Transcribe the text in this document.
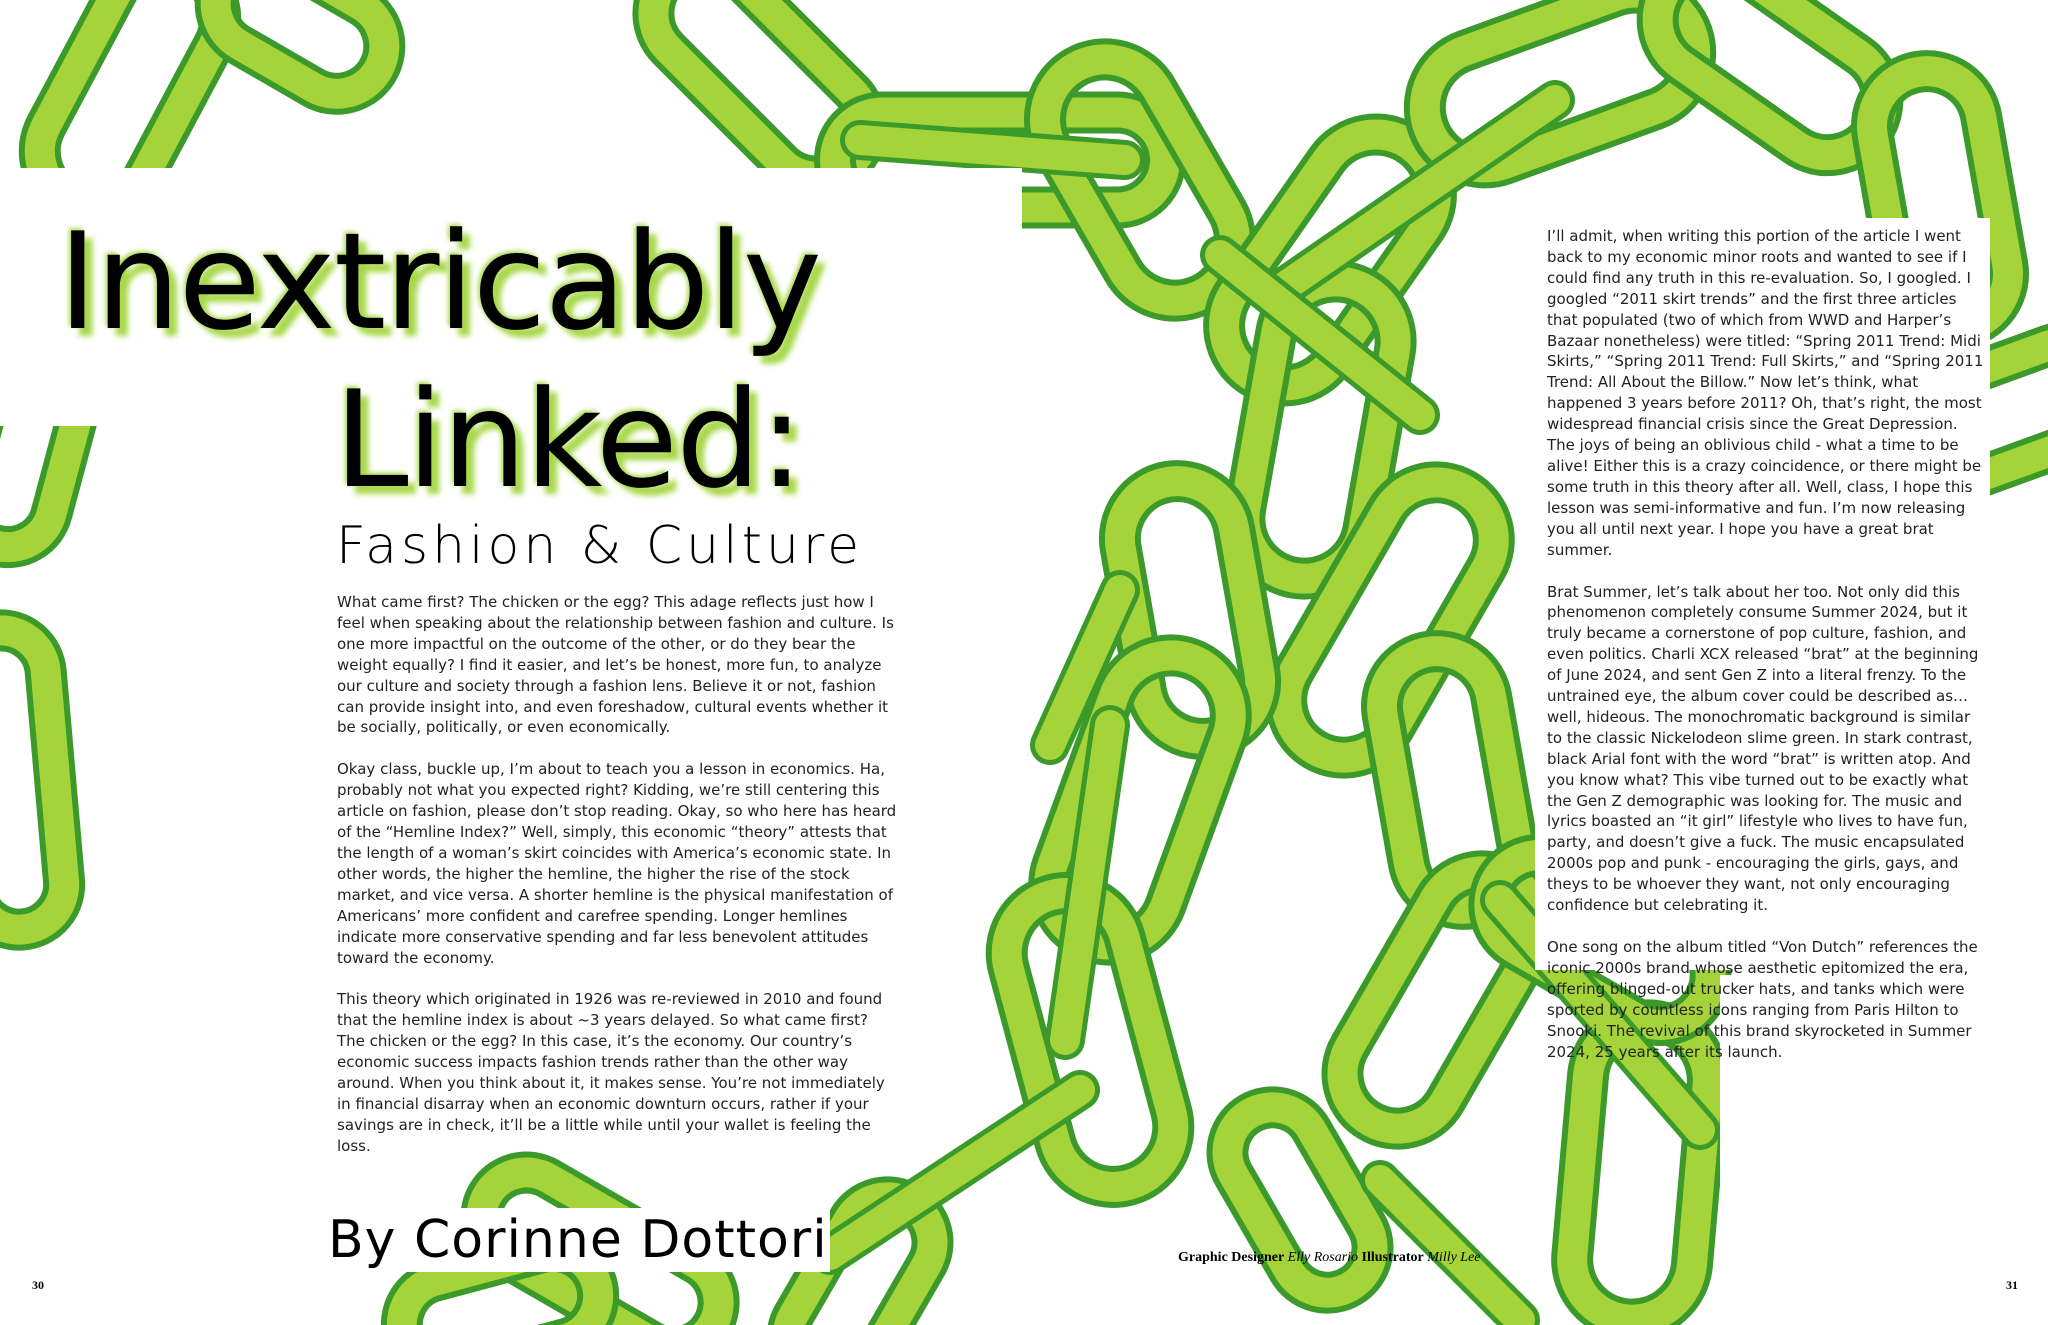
Inextricably
Linked:
Fashion & Culture

What came first? The chicken or the egg? This adage reflects just how I feel when speaking about the relationship between fashion and culture. Is one more impactful on the outcome of the other, or do they bear the weight equally? I find it easier, and let’s be honest, more fun, to analyze our culture and society through a fashion lens. Believe it or not, fashion can provide insight into, and even foreshadow, cultural events whether it be socially, politically, or even economically.

Okay class, buckle up, I’m about to teach you a lesson in economics. Ha, probably not what you expected right? Kidding, we’re still centering this article on fashion, please don’t stop reading. Okay, so who here has heard of the “Hemline Index?” Well, simply, this economic “theory” attests that the length of a woman’s skirt coincides with America’s economic state. In other words, the higher the hemline, the higher the rise of the stock market, and vice versa. A shorter hemline is the physical manifestation of Americans’ more confident and carefree spending. Longer hemlines indicate more conservative spending and far less benevolent attitudes toward the economy.

This theory which originated in 1926 was re-reviewed in 2010 and found that the hemline index is about ~3 years delayed. So what came first? The chicken or the egg? In this case, it’s the economy. Our country’s economic success impacts fashion trends rather than the other way around. When you think about it, it makes sense. You’re not immediately in financial disarray when an economic downturn occurs, rather if your savings are in check, it’ll be a little while until your wallet is feeling the loss.

I’ll admit, when writing this portion of the article I went back to my economic minor roots and wanted to see if I could find any truth in this re-evaluation. So, I googled. I googled “2011 skirt trends” and the first three articles that populated (two of which from WWD and Harper’s Bazaar nonetheless) were titled: “Spring 2011 Trend: Midi Skirts,” “Spring 2011 Trend: Full Skirts,” and “Spring 2011 Trend: All About the Billow.” Now let’s think, what happened 3 years before 2011? Oh, that’s right, the most widespread financial crisis since the Great Depression. The joys of being an oblivious child - what a time to be alive! Either this is a crazy coincidence, or there might be some truth in this theory after all. Well, class, I hope this lesson was semi-informative and fun. I’m now releasing you all until next year. I hope you have a great brat summer.

Brat Summer, let’s talk about her too. Not only did this phenomenon completely consume Summer 2024, but it truly became a cornerstone of pop culture, fashion, and even politics. Charli XCX released “brat” at the beginning of June 2024, and sent Gen Z into a literal frenzy. To the untrained eye, the album cover could be described as… well, hideous. The monochromatic background is similar to the classic Nickelodeon slime green. In stark contrast, black Arial font with the word “brat” is written atop. And you know what? This vibe turned out to be exactly what the Gen Z demographic was looking for. The music and lyrics boasted an “it girl” lifestyle who lives to have fun, party, and doesn’t give a fuck. The music encapsulated 2000s pop and punk - encouraging the girls, gays, and theys to be whoever they want, not only encouraging confidence but celebrating it.

One song on the album titled “Von Dutch” references the iconic 2000s brand whose aesthetic epitomized the era, offering blinged-out trucker hats, and tanks which were sported by countless icons ranging from Paris Hilton to Snooki. The revival of this brand skyrocketed in Summer 2024, 25 years after its launch.

By Corinne Dottori	Graphic Designer Elly Rosario Illustrator Milly Lee
30	31
